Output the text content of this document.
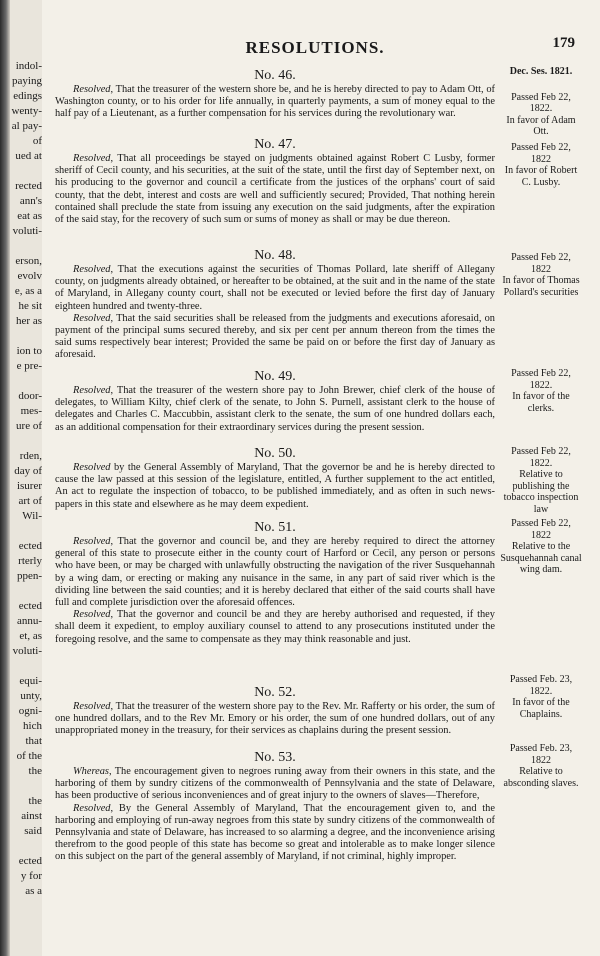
indol-
paying
edings
wenty-
al pay-
of
ued at
rected
ann's
eat as
voluti-
erson,
evolv
e, as a
he sit
her as
ion to
e pre-
door-
mes-
ure of
rden,
day of
isurer
art of
Wil-
ected
rterly
ppen-
ected
annu-
et, as
voluti-
equi-
unty,
ogni-
hich
that
of the
the
the
ainst
said
ected
y for
as a
RESOLUTIONS.	179
No. 46.

Resolved, That the treasurer of the western shore be, and he is hereby directed to pay to Adam Ott, of Washington county, or to his order for life annually, in quarterly payments, a sum of money equal to the half pay of a Lieutenant, as a further compensation for his services during the revolutionary war.

Dec. Ses. 1821.
Passed Feb 22, 1822.
In favor of Adam Ott.
No. 47.

Resolved, That all proceedings be stayed on judgments obtained against Robert C Lusby, former sheriff of Cecil county, and his securities, at the suit of the state, until the first day of September next, on his producing to the governor and council a certificate from the justices of the orphans' court of said county, that the debt, interest and costs are well and sufficiently secured; Provided, That nothing herein contained shall preclude the state from issuing any execution on the said judgments, after the expiration of the said stay, for the recovery of such sum or sums of money as shall or may be due thereon.

Passed Feb 22, 1822
In favor of Robert C. Lusby.
No. 48.

Resolved, That the executions against the securities of Thomas Pollard, late sheriff of Allegany county, on judgments already obtained, or hereafter to be obtained, at the suit and in the name of the state of Maryland, in Allegany county court, shall not be executed or levied before the first day of January eighteen hundred and twenty-three.

Resolved, That the said securities shall be released from the judgments and executions aforesaid, on payment of the principal sums secured thereby, and six per cent per annum thereon from the times the said sums respectively bear interest; Provided the same be paid on or before the first day of January as aforesaid.

Passed Feb 22, 1822
In favor of Thomas Pollard's securities
No. 49.

Resolved, That the treasurer of the western shore pay to John Brewer, chief clerk of the house of delegates, to William Kilty, chief clerk of the senate, to John S. Purnell, assistant clerk to the house of delegates and Charles C. Maccubbin, assistant clerk to the senate, the sum of one hundred dollars each, as an additional compensation for their extraordinary services during the present session.

Passed Feb 22, 1822.
In favor of the clerks.
No. 50.

Resolved by the General Assembly of Maryland, That the governor be and he is hereby directed to cause the law passed at this session of the legislature, entitled, A further supplement to the act entitled, An act to regulate the inspection of tobacco, to be published immediately, and as often in such news-papers in this state and elsewhere as he may deem expedient.

Passed Feb 22, 1822.
Relative to publishing the tobacco inspection law
No. 51.

Resolved, That the governor and council be, and they are hereby required to direct the attorney general of this state to prosecute either in the county court of Harford or Cecil, any person or persons who have been, or may be charged with unlawfully obstructing the navigation of the river Susquehannah by a wing dam, or erecting or making any nuisance in the same, in any part of said river which is the dividing line between the said counties; and it is hereby declared that either of the said courts shall have full and complete jurisdiction over the aforesaid offences.

Resolved, That the governor and council be and they are hereby authorised and requested, if they shall deem it expedient, to employ auxiliary counsel to attend to any prosecutions instituted under the foregoing resolve, and the same to compensate as they may think reasonable and just.

Passed Feb 22, 1822
Relative to the Susquehannah canal wing dam.
No. 52.

Resolved, That the treasurer of the western shore pay to the Rev. Mr. Rafferty or his order, the sum of one hundred dollars, and to the Rev Mr. Emory or his order, the sum of one hundred dollars, out of any unappropriated money in the treasury, for their services as chaplains during the present session.

Passed Feb. 23, 1822.
In favor of the Chaplains.
No. 53.

Whereas, The encouragement given to negroes runing away from their owners in this state, and the harboring of them by sundry citizens of the commonwealth of Pennsylvania and the state of Delaware, has been productive of serious inconveniences and of great injury to the owners of slaves—Therefore,

Resolved, By the General Assembly of Maryland, That the encouragement given to, and the harboring and employing of run-away negroes from this state by sundry citizens of the commonwealth of Pennsylvania and state of Delaware, has increased to so alarming a degree, and the inconvenience arising therefrom to the good people of this state has become so great and intolerable as to make longer silence on this subject on the part of the general assembly of Maryland, if not criminal, highly improper.

Passed Feb. 23, 1822
Relative to absconding slaves.
